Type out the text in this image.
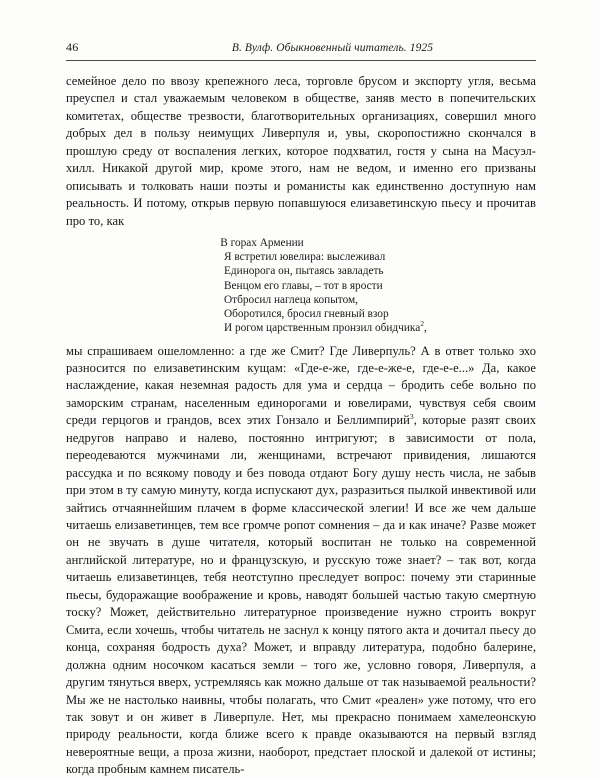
46	В. Вулф. Обыкновенный читатель. 1925

семейное дело по ввозу крепежного леса, торговле брусом и экспорту угля, весьма преуспел и стал уважаемым человеком в обществе, заняв место в попечительских комитетах, обществе трезвости, благотворительных организациях, совершил много добрых дел в пользу неимущих Ливерпуля и, увы, скоропостижно скончался в прошлую среду от воспаления легких, которое подхватил, гостя у сына на Масуэл-хилл. Никакой другой мир, кроме этого, нам не ведом, и именно его призваны описывать и толковать наши поэты и романисты как единственно доступную нам реальность. И потому, открыв первую попавшуюся елизаветинскую пьесу и прочитав про то, как

В горах Армении
Я встретил ювелира: выслеживал
Единорога он, пытаясь завладеть
Венцом его главы, – тот в ярости
Отбросил наглеца копытом,
Оборотился, бросил гневный взор
И рогом царственным пронзил обидчика$^2$,

мы спрашиваем ошеломленно: а где же Смит? Где Ливерпуль? А в ответ только эхо разносится по елизаветинским кущам: «Где-е-же, где-е-же-е, где-е-е...» Да, какое наслаждение, какая неземная радость для ума и сердца – бродить себе вольно по заморским странам, населенным единорогами и ювелирами, чувствуя себя своим среди герцогов и грандов, всех этих Гонзало и Беллимпирий$^3$, которые разят своих недругов направо и налево, постоянно интригуют; в зависимости от пола, переодеваются мужчинами ли, женщинами, встречают привидения, лишаются рассудка и по всякому поводу и без повода отдают Богу душу несть числа, не забыв при этом в ту самую минуту, когда испускают дух, разразиться пылкой инвективой или зайтись отчаяннейшим плачем в форме классической элегии! И все же чем дальше читаешь елизаветинцев, тем все громче ропот сомнения – да и как иначе? Разве может он не звучать в душе читателя, который воспитан не только на современной английской литературе, но и французскую, и русскую тоже знает? – так вот, когда читаешь елизаветинцев, тебя неотступно преследует вопрос: почему эти старинные пьесы, будоражащие воображение и кровь, наводят большей частью такую смертную тоску? Может, действительно литературное произведение нужно строить вокруг Смита, если хочешь, чтобы читатель не заснул к концу пятого акта и дочитал пьесу до конца, сохраняя бодрость духа? Может, и вправду литература, подобно балерине, должна одним носочком касаться земли – того же, условно говоря, Ливерпуля, а другим тянуться вверх, устремляясь как можно дальше от так называемой реальности? Мы же не настолько наивны, чтобы полагать, что Смит «реален» уже потому, что его так зовут и он живет в Ливерпуле. Нет, мы прекрасно понимаем хамелеонскую природу реальности, когда ближе всего к правде оказываются на первый взгляд невероятные вещи, а проза жизни, наоборот, предстает плоской и далекой от истины; когда пробным камнем писатель-
